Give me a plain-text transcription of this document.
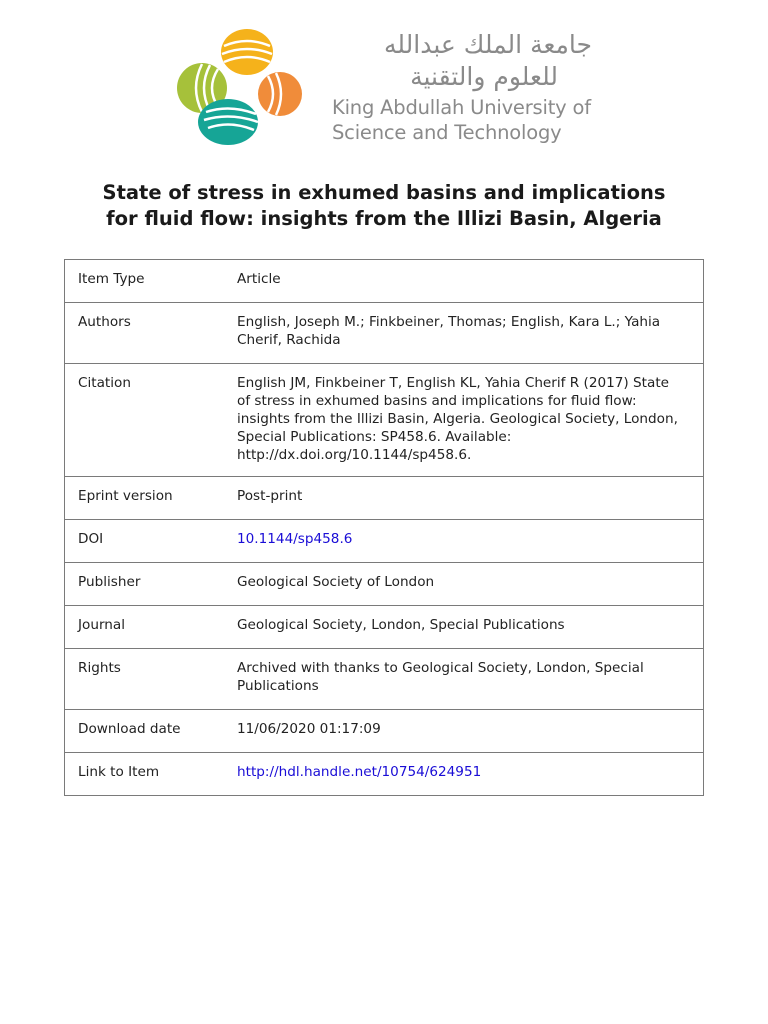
جامعة الملك عبدالله
للعلوم والتقنية
King Abdullah University of
Science and Technology
State of stress in exhumed basins and implications
for fluid flow: insights from the Illizi Basin, Algeria
Item Type	Article

Authors	English, Joseph M.; Finkbeiner, Thomas; English, Kara L.; Yahia Cherif, Rachida

Citation	English JM, Finkbeiner T, English KL, Yahia Cherif R (2017) State of stress in exhumed basins and implications for fluid flow: insights from the Illizi Basin, Algeria. Geological Society, London, Special Publications: SP458.6. Available: http://dx.doi.org/10.1144/sp458.6.

Eprint version	Post-print

DOI	10.1144/sp458.6

Publisher	Geological Society of London

Journal	Geological Society, London, Special Publications

Rights	Archived with thanks to Geological Society, London, Special Publications

Download date	11/06/2020 01:17:09

Link to Item	http://hdl.handle.net/10754/624951
